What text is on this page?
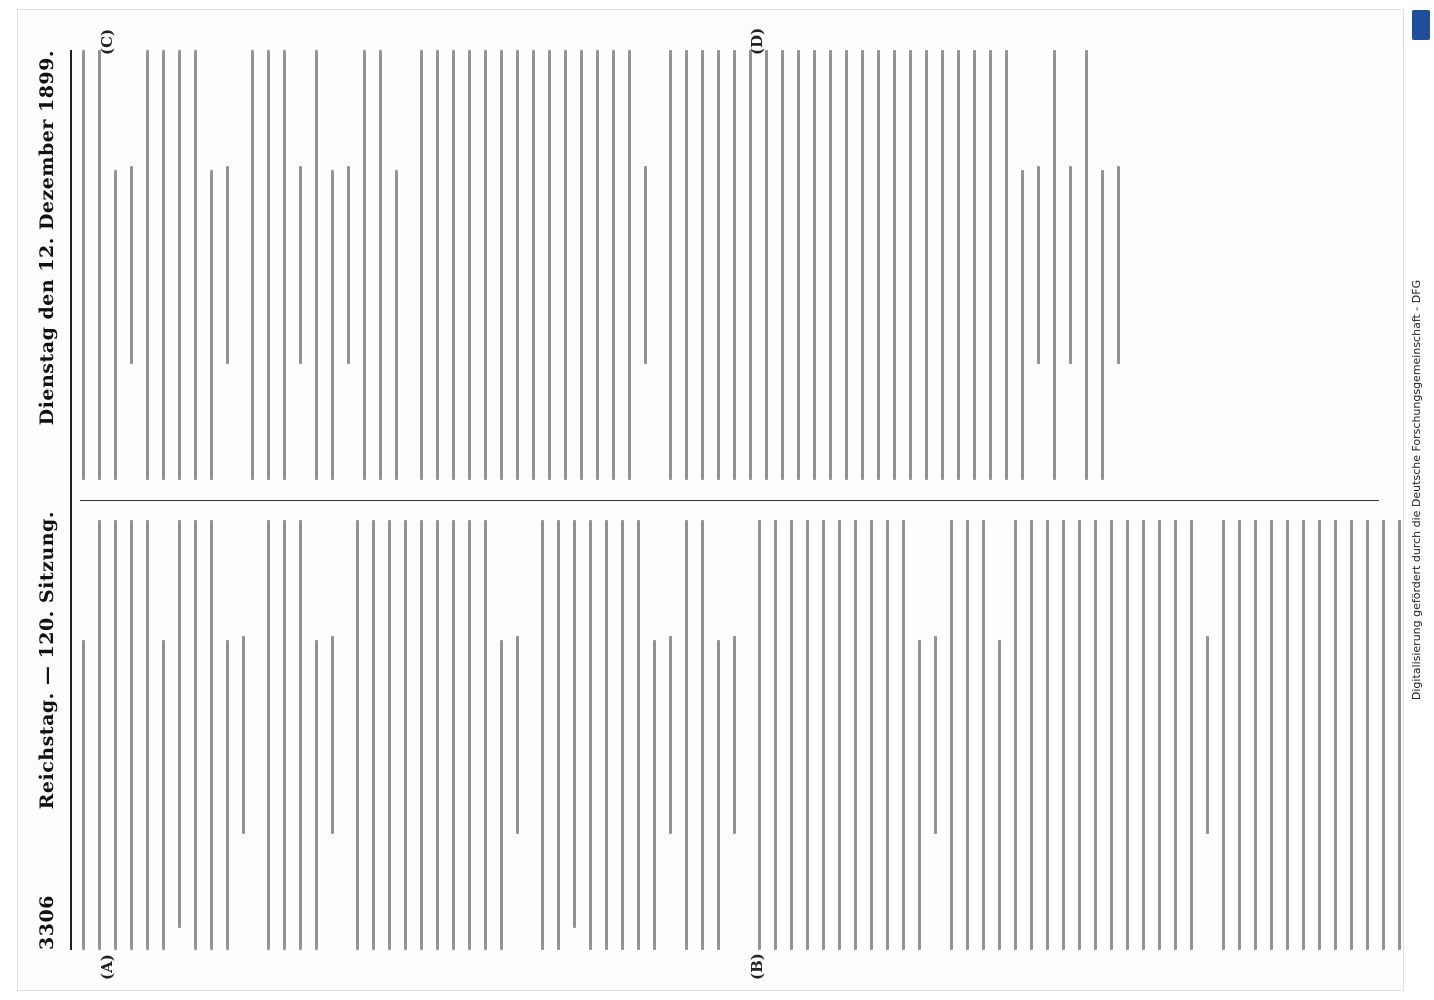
3306
Reichstag. — 120. Sitzung.
Dienstag den 12. Dezember 1899.
(A)	(B)
(C)	(D)
Digitalisierung gefördert durch die Deutsche Forschungsgemeinschaft - DFG
